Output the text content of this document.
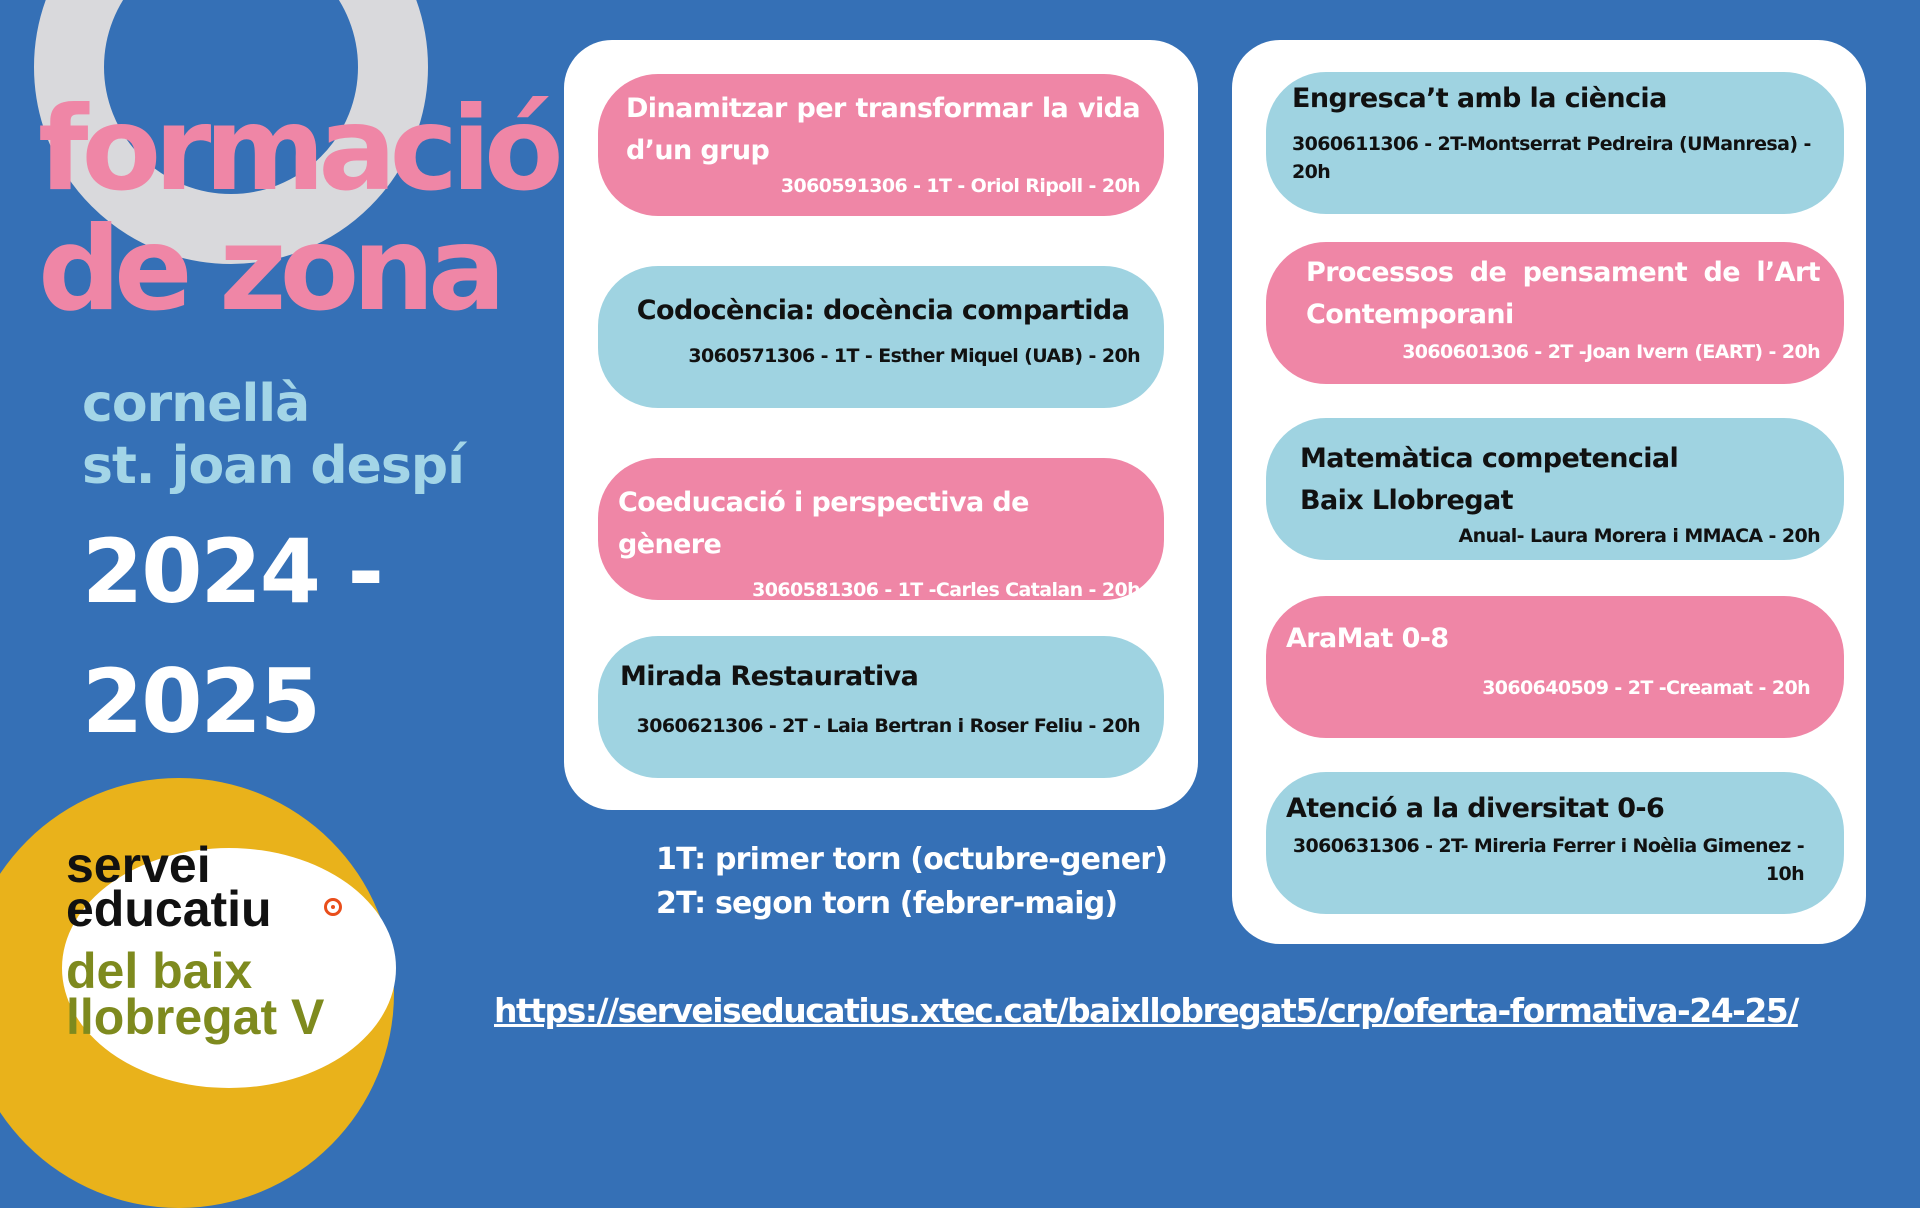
formació
de zona
cornellà
st. joan despí
2024 -
2025
servei
educatiu
del baix
llobregat V
Dinamitzar per transformar la vida d’un grup
3060591306 - 1T - Oriol Ripoll - 20h
Codocència: docència compartida
3060571306 - 1T - Esther Miquel (UAB) - 20h
Coeducació i perspectiva de gènere
3060581306 - 1T -Carles Catalan - 20h
Mirada Restaurativa
3060621306 - 2T - Laia Bertran i Roser Feliu - 20h
Engresca’t amb la ciència
3060611306 - 2T-Montserrat Pedreira (UManresa) - 20h
Processos de pensament de l’Art Contemporani
3060601306 - 2T -Joan Ivern (EART) - 20h
Matemàtica competencial Baix Llobregat
Anual- Laura Morera i MMACA - 20h
AraMat 0-8
3060640509 - 2T -Creamat - 20h
Atenció a la diversitat 0-6
3060631306 - 2T- Mireria Ferrer i Noèlia Gimenez - 10h
1T: primer torn (octubre-gener)
2T: segon torn (febrer-maig)
https://serveiseducatius.xtec.cat/baixllobregat5/crp/oferta-formativa-24-25/
